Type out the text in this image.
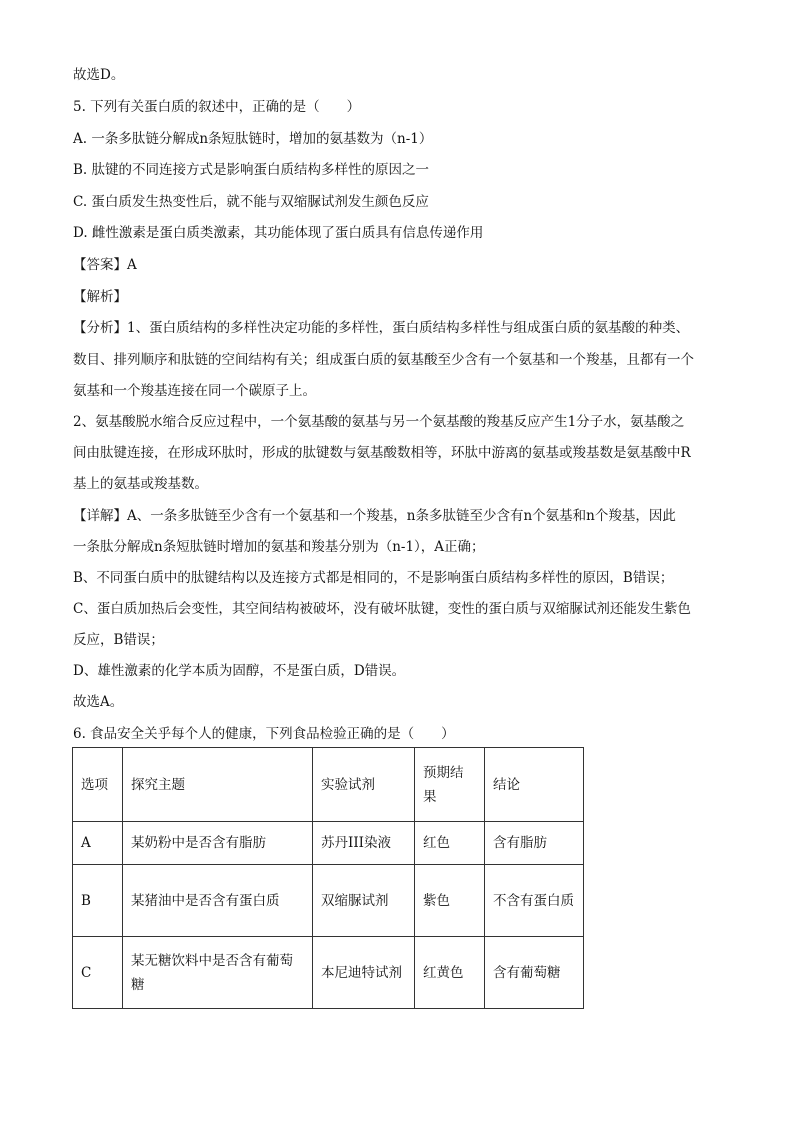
故选D。
5. 下列有关蛋白质的叙述中，正确的是（　　）
A. 一条多肽链分解成n条短肽链时，增加的氨基数为（n-1）
B. 肽键的不同连接方式是影响蛋白质结构多样性的原因之一
C. 蛋白质发生热变性后，就不能与双缩脲试剂发生颜色反应
D. 雌性激素是蛋白质类激素，其功能体现了蛋白质具有信息传递作用
【答案】A
【解析】
【分析】1、蛋白质结构的多样性决定功能的多样性，蛋白质结构多样性与组成蛋白质的氨基酸的种类、
数目、排列顺序和肽链的空间结构有关；组成蛋白质的氨基酸至少含有一个氨基和一个羧基，且都有一个
氨基和一个羧基连接在同一个碳原子上。
2、氨基酸脱水缩合反应过程中，一个氨基酸的氨基与另一个氨基酸的羧基反应产生1分子水，氨基酸之
间由肽键连接，在形成环肽时，形成的肽键数与氨基酸数相等，环肽中游离的氨基或羧基数是氨基酸中R
基上的氨基或羧基数。
【详解】A、一条多肽链至少含有一个氨基和一个羧基，n条多肽链至少含有n个氨基和n个羧基，因此
一条肽分解成n条短肽链时增加的氨基和羧基分别为（n-1），A正确；
B、不同蛋白质中的肽键结构以及连接方式都是相同的，不是影响蛋白质结构多样性的原因，B错误；
C、蛋白质加热后会变性，其空间结构被破坏，没有破坏肽键，变性的蛋白质与双缩脲试剂还能发生紫色
反应，B错误；
D、雄性激素的化学本质为固醇，不是蛋白质，D错误。
故选A。
6. 食品安全关乎每个人的健康，下列食品检验正确的是（　　）
选项	探究主题	实验试剂	预期结果	结论
A	某奶粉中是否含有脂肪	苏丹III染液	红色	含有脂肪
B	某猪油中是否含有蛋白质	双缩脲试剂	紫色	不含有蛋白质
C	某无糖饮料中是否含有葡萄糖	本尼迪特试剂	红黄色	含有葡萄糖
